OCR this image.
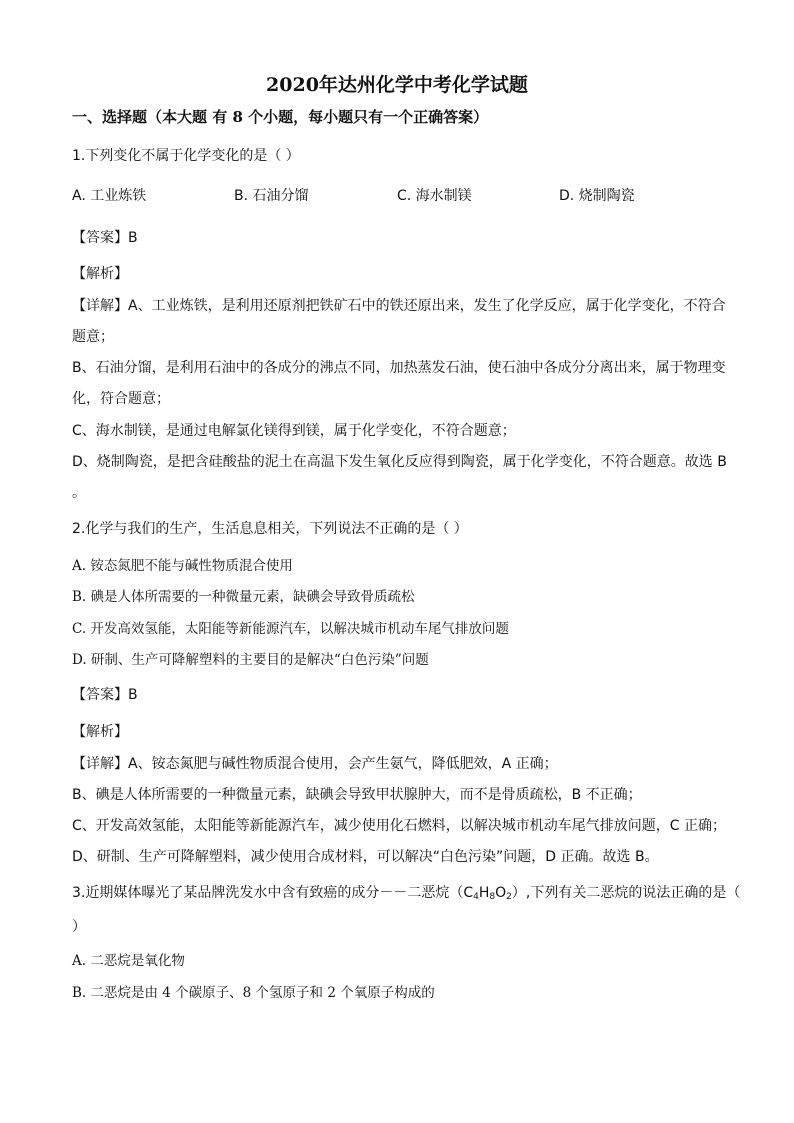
2020年达州化学中考化学试题
一、选择题（本大题 有 8 个小题，每小题只有一个正确答案）
1.下列变化不属于化学变化的是（ ）
A. 工业炼铁	B. 石油分馏	C. 海水制镁	D. 烧制陶瓷
【答案】B
【解析】
【详解】A、工业炼铁，是利用还原剂把铁矿石中的铁还原出来，发生了化学反应，属于化学变化，不符合
题意；
B、石油分馏，是利用石油中的各成分的沸点不同，加热蒸发石油，使石油中各成分分离出来，属于物理变
化，符合题意；
C、海水制镁，是通过电解氯化镁得到镁，属于化学变化，不符合题意；
D、烧制陶瓷，是把含硅酸盐的泥土在高温下发生氧化反应得到陶瓷，属于化学变化，不符合题意。故选 B
。
2.化学与我们的生产，生活息息相关，下列说法不正确的是（ ）
A. 铵态氮肥不能与碱性物质混合使用
B. 碘是人体所需要的一种微量元素，缺碘会导致骨质疏松
C. 开发高效氢能，太阳能等新能源汽车，以解决城市机动车尾气排放问题
D. 研制、生产可降解塑料的主要目的是解决“白色污染”问题
【答案】B
【解析】
【详解】A、铵态氮肥与碱性物质混合使用，会产生氨气，降低肥效，A 正确；
B、碘是人体所需要的一种微量元素，缺碘会导致甲状腺肿大，而不是骨质疏松，B 不正确；
C、开发高效氢能，太阳能等新能源汽车，减少使用化石燃料，以解决城市机动车尾气排放问题，C 正确；
D、研制、生产可降解塑料，减少使用合成材料，可以解决“白色污染”问题，D 正确。故选 B。
3.近期媒体曝光了某品牌洗发水中含有致癌的成分－－二恶烷$(C_4H_8O_2)$,下列有关二恶烷的说法正确的是（
）
A. 二恶烷是氧化物
B. 二恶烷是由 4 个碳原子、8 个氢原子和 2 个氧原子构成的
